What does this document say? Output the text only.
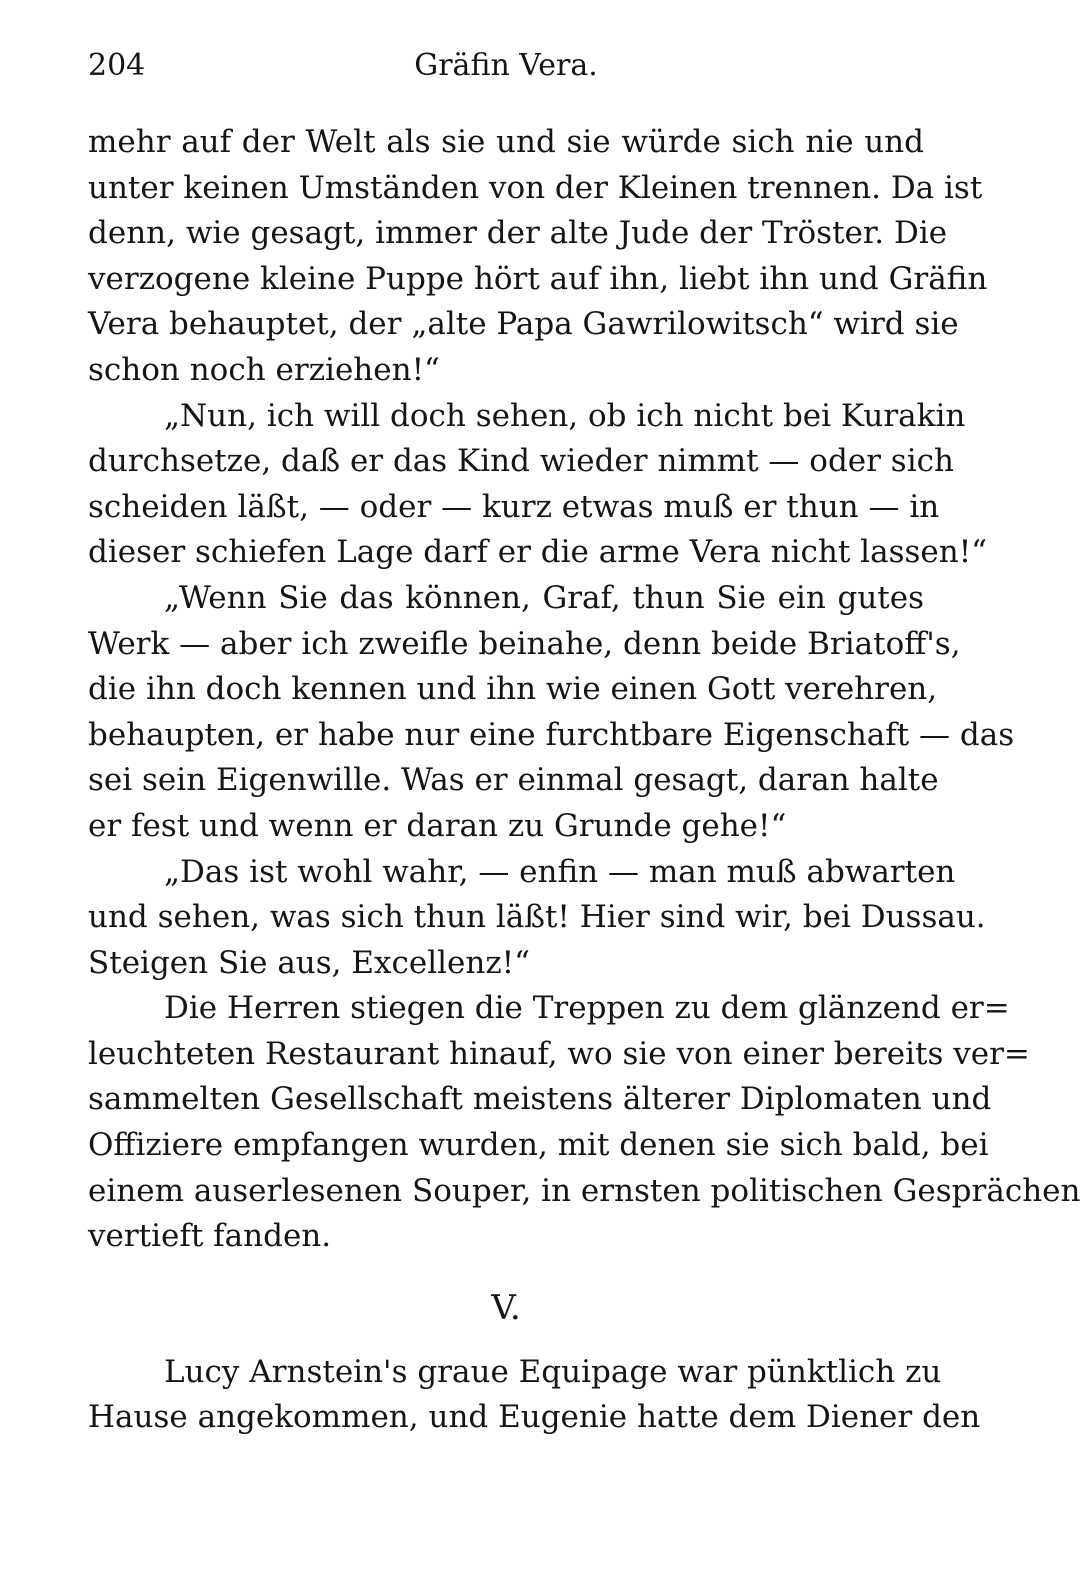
204	Gräfin Vera.
mehr auf der Welt als sie und sie würde sich nie und
unter keinen Umständen von der Kleinen trennen. Da ist
denn, wie gesagt, immer der alte Jude der Tröster. Die
verzogene kleine Puppe hört auf ihn, liebt ihn und Gräfin
Vera behauptet, der „alte Papa Gawrilowitsch“ wird sie
schon noch erziehen!“
„Nun, ich will doch sehen, ob ich nicht bei Kurakin
durchsetze, daß er das Kind wieder nimmt — oder sich
scheiden läßt, — oder — kurz etwas muß er thun — in
dieser schiefen Lage darf er die arme Vera nicht lassen!“
„Wenn Sie das können, Graf, thun Sie ein gutes
Werk — aber ich zweifle beinahe, denn beide Briatoff's,
die ihn doch kennen und ihn wie einen Gott verehren,
behaupten, er habe nur eine furchtbare Eigenschaft — das
sei sein Eigenwille. Was er einmal gesagt, daran halte
er fest und wenn er daran zu Grunde gehe!“
„Das ist wohl wahr, — enfin — man muß abwarten
und sehen, was sich thun läßt! Hier sind wir, bei Dussau.
Steigen Sie aus, Excellenz!“
Die Herren stiegen die Treppen zu dem glänzend er=
leuchteten Restaurant hinauf, wo sie von einer bereits ver=
sammelten Gesellschaft meistens älterer Diplomaten und
Offiziere empfangen wurden, mit denen sie sich bald, bei
einem auserlesenen Souper, in ernsten politischen Gesprächen
vertieft fanden.
V.
Lucy Arnstein's graue Equipage war pünktlich zu
Hause angekommen, und Eugenie hatte dem Diener den
